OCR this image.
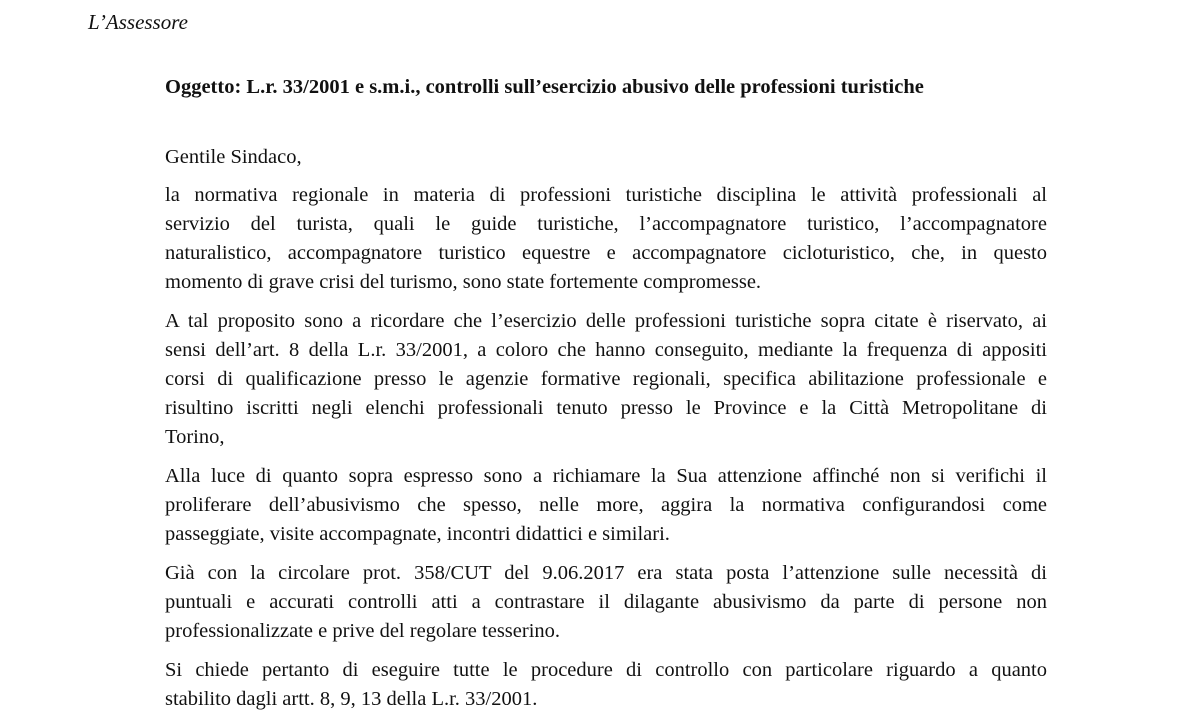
L’Assessore
Oggetto: L.r. 33/2001 e s.m.i., controlli sull’esercizio abusivo delle professioni turistiche
Gentile Sindaco,
la normativa regionale in materia di professioni turistiche disciplina le attività professionali al
servizio del turista, quali le guide turistiche, l’accompagnatore turistico, l’accompagnatore
naturalistico, accompagnatore turistico equestre e accompagnatore cicloturistico, che, in questo
momento di grave crisi del turismo, sono state fortemente compromesse.
A tal proposito sono a ricordare che l’esercizio delle professioni turistiche sopra citate è riservato, ai
sensi dell’art. 8 della L.r. 33/2001, a coloro che hanno conseguito, mediante la frequenza di appositi
corsi di qualificazione presso le agenzie formative regionali, specifica abilitazione professionale e
risultino iscritti negli elenchi professionali tenuto presso le Province e la Città Metropolitane di
Torino,
Alla luce di quanto sopra espresso sono a richiamare la Sua attenzione affinché non si verifichi il
proliferare dell’abusivismo che spesso, nelle more, aggira la normativa configurandosi come
passeggiate, visite accompagnate, incontri didattici e similari.
Già con la circolare prot. 358/CUT del 9.06.2017 era stata posta l’attenzione sulle necessità di
puntuali e accurati controlli atti a contrastare il dilagante abusivismo da parte di persone non
professionalizzate e prive del regolare tesserino.
Si chiede pertanto di eseguire tutte le procedure di controllo con particolare riguardo a quanto
stabilito dagli artt. 8, 9, 13 della L.r. 33/2001.
